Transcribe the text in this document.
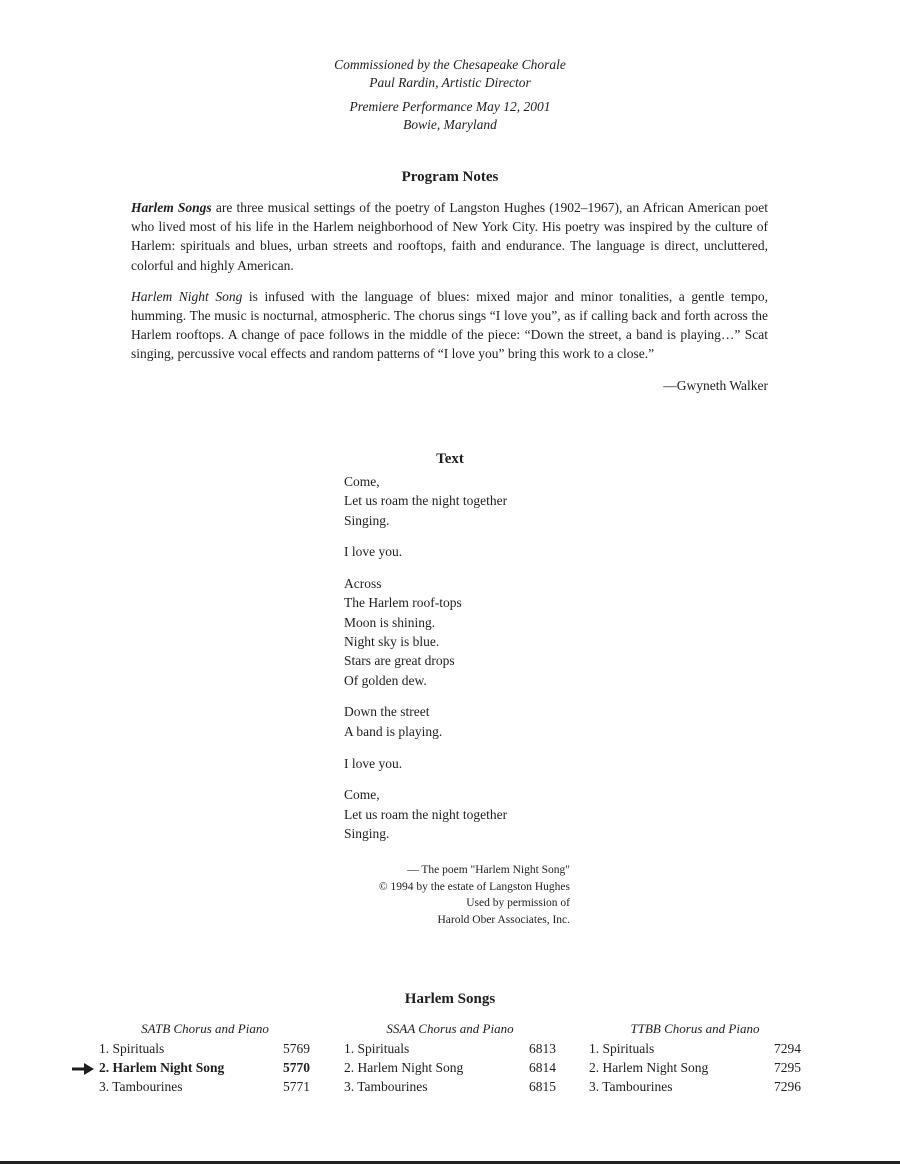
Commissioned by the Chesapeake Chorale
Paul Rardin, Artistic Director
Premiere Performance May 12, 2001
Bowie, Maryland
Program Notes

Harlem Songs are three musical settings of the poetry of Langston Hughes (1902–1967), an African American poet who lived most of his life in the Harlem neighborhood of New York City. His poetry was inspired by the culture of Harlem: spirituals and blues, urban streets and rooftops, faith and endurance. The language is direct, uncluttered, colorful and highly American.

Harlem Night Song is infused with the language of blues: mixed major and minor tonalities, a gentle tempo, humming. The music is nocturnal, atmospheric. The chorus sings “I love you”, as if calling back and forth across the Harlem rooftops. A change of pace follows in the middle of the piece: “Down the street, a band is playing…” Scat singing, percussive vocal effects and random patterns of “I love you” bring this work to a close.”

—Gwyneth Walker
Text
Come,
Let us roam the night together
Singing.
I love you.
Across
The Harlem roof-tops
Moon is shining.
Night sky is blue.
Stars are great drops
Of golden dew.
Down the street
A band is playing.
I love you.
Come,
Let us roam the night together
Singing.
— The poem "Harlem Night Song"
© 1994 by the estate of Langston Hughes
Used by permission of
Harold Ober Associates, Inc.
Harlem Songs
SATB Chorus and Piano	SSAA Chorus and Piano	TTBB Chorus and Piano
1. Spirituals	5769
2. Harlem Night Song	5770
3. Tambourines	5771
1. Spirituals	6813
2. Harlem Night Song	6814
3. Tambourines	6815
1. Spirituals	7294
2. Harlem Night Song	7295
3. Tambourines	7296
